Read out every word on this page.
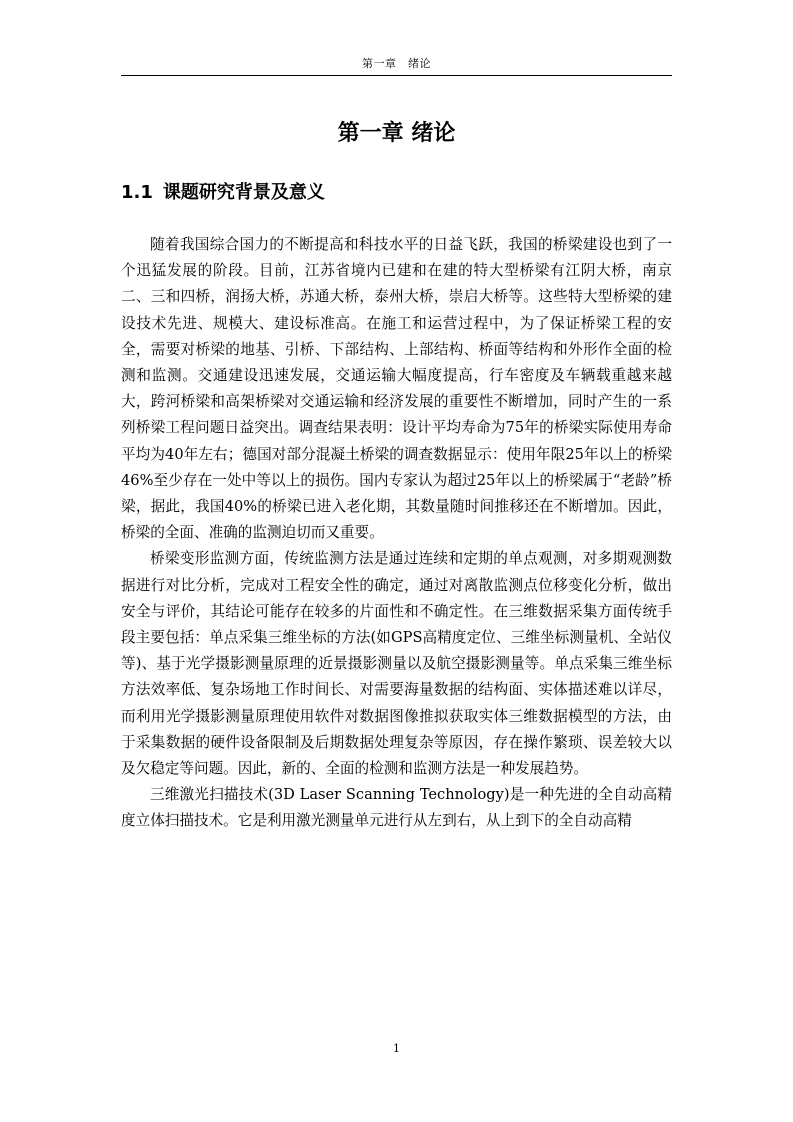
第一章　绪论
第一章 绪论
1.1 课题研究背景及意义

随着我国综合国力的不断提高和科技水平的日益飞跃，我国的桥梁建设也到了一个迅猛发展的阶段。目前，江苏省境内已建和在建的特大型桥梁有江阴大桥，南京二、三和四桥，润扬大桥，苏通大桥，泰州大桥，崇启大桥等。这些特大型桥梁的建设技术先进、规模大、建设标准高。在施工和运营过程中，为了保证桥梁工程的安全，需要对桥梁的地基、引桥、下部结构、上部结构、桥面等结构和外形作全面的检测和监测。交通建设迅速发展，交通运输大幅度提高，行车密度及车辆载重越来越大，跨河桥梁和高架桥梁对交通运输和经济发展的重要性不断增加，同时产生的一系列桥梁工程问题日益突出。调查结果表明：设计平均寿命为75年的桥梁实际使用寿命平均为40年左右；德国对部分混凝土桥梁的调查数据显示：使用年限25年以上的桥梁46%至少存在一处中等以上的损伤。国内专家认为超过25年以上的桥梁属于“老龄”桥梁，据此，我国40%的桥梁已进入老化期，其数量随时间推移还在不断增加。因此，桥梁的全面、准确的监测迫切而又重要。

桥梁变形监测方面，传统监测方法是通过连续和定期的单点观测，对多期观测数据进行对比分析，完成对工程安全性的确定，通过对离散监测点位移变化分析，做出安全与评价，其结论可能存在较多的片面性和不确定性。在三维数据采集方面传统手段主要包括：单点采集三维坐标的方法(如GPS高精度定位、三维坐标测量机、全站仪等)、基于光学摄影测量原理的近景摄影测量以及航空摄影测量等。单点采集三维坐标方法效率低、复杂场地工作时间长、对需要海量数据的结构面、实体描述难以详尽，而利用光学摄影测量原理使用软件对数据图像推拟获取实体三维数据模型的方法，由于采集数据的硬件设备限制及后期数据处理复杂等原因，存在操作繁琐、误差较大以及欠稳定等问题。因此，新的、全面的检测和监测方法是一种发展趋势。

三维激光扫描技术(3D Laser Scanning Technology)是一种先进的全自动高精度立体扫描技术。它是利用激光测量单元进行从左到右，从上到下的全自动高精

1
